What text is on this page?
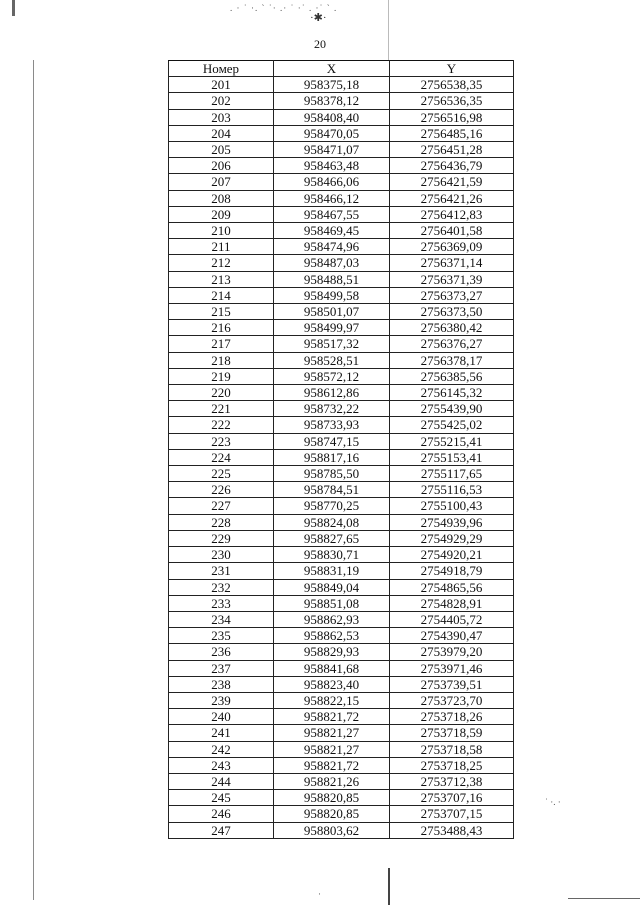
. · ˙ ·. ` ˙· .· ˙ ·˙ . ·˙ ` .
·✱·
˙ ·. ·
·
20
Номер	X	Y
201	958375,18	2756538,35
202	958378,12	2756536,35
203	958408,40	2756516,98
204	958470,05	2756485,16
205	958471,07	2756451,28
206	958463,48	2756436,79
207	958466,06	2756421,59
208	958466,12	2756421,26
209	958467,55	2756412,83
210	958469,45	2756401,58
211	958474,96	2756369,09
212	958487,03	2756371,14
213	958488,51	2756371,39
214	958499,58	2756373,27
215	958501,07	2756373,50
216	958499,97	2756380,42
217	958517,32	2756376,27
218	958528,51	2756378,17
219	958572,12	2756385,56
220	958612,86	2756145,32
221	958732,22	2755439,90
222	958733,93	2755425,02
223	958747,15	2755215,41
224	958817,16	2755153,41
225	958785,50	2755117,65
226	958784,51	2755116,53
227	958770,25	2755100,43
228	958824,08	2754939,96
229	958827,65	2754929,29
230	958830,71	2754920,21
231	958831,19	2754918,79
232	958849,04	2754865,56
233	958851,08	2754828,91
234	958862,93	2754405,72
235	958862,53	2754390,47
236	958829,93	2753979,20
237	958841,68	2753971,46
238	958823,40	2753739,51
239	958822,15	2753723,70
240	958821,72	2753718,26
241	958821,27	2753718,59
242	958821,27	2753718,58
243	958821,72	2753718,25
244	958821,26	2753712,38
245	958820,85	2753707,16
246	958820,85	2753707,15
247	958803,62	2753488,43
